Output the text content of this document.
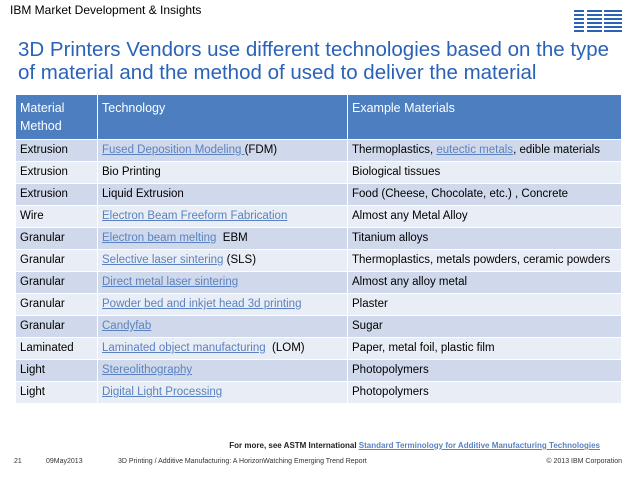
IBM Market Development & Insights
3D Printers Vendors use different technologies based on the type of material and the method of used to deliver the material
Material Method	Technology	Example Materials
Extrusion	Fused Deposition Modeling (FDM)	Thermoplastics, eutectic metals, edible materials
Extrusion	Bio Printing	Biological tissues
Extrusion	Liquid Extrusion	Food (Cheese, Chocolate, etc.) , Concrete
Wire	Electron Beam Freeform Fabrication	Almost any Metal Alloy
Granular	Electron beam melting  EBM	Titanium alloys
Granular	Selective laser sintering (SLS)	Thermoplastics, metals powders, ceramic powders
Granular	Direct metal laser sintering	Almost any alloy metal
Granular	Powder bed and inkjet head 3d printing	Plaster
Granular	Candyfab	Sugar
Laminated	Laminated object manufacturing  (LOM)	Paper, metal foil, plastic film
Light	Stereolithography	Photopolymers
Light	Digital Light Processing	Photopolymers
For more, see ASTM International Standard Terminology for Additive Manufacturing Technologies
21	09May2013	3D Printing / Additive Manufacturing: A HorizonWatching Emerging Trend Report	© 2013 IBM Corporation
